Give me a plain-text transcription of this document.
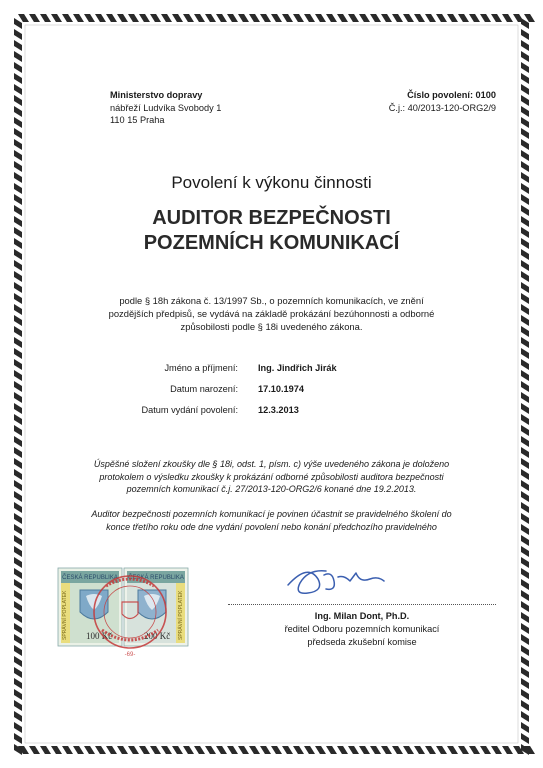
Ministerstvo dopravy
nábřeží Ludvíka Svobody 1
110 15 Praha
Číslo povolení: 0100
Č.j.: 40/2013-120-ORG2/9
Povolení k výkonu činnosti
AUDITOR BEZPEČNOSTI
POZEMNÍCH KOMUNIKACÍ
podle § 18h zákona č. 13/1997 Sb., o pozemních komunikacích, ve znění
pozdějších předpisů, se vydává na základě prokázání bezúhonnosti a odborné
způsobilosti podle § 18i uvedeného zákona.
Jméno a příjmení: Ing. Jindřich Jirák
Datum narození: 17.10.1974
Datum vydání povolení: 12.3.2013
Úspěšné složení zkoušky dle § 18i, odst. 1, písm. c) výše uvedeného zákona je doloženo
protokolem o výsledku zkoušky k prokázání odborné způsobilosti auditora bezpečnosti
pozemních komunikací č.j. 27/2013-120-ORG2/6 konané dne 19.2.2013.
Auditor bezpečnosti pozemních komunikací je povinen účastnit se pravidelného školení do
konce třetího roku ode dne vydání povolení nebo konání předchozího pravidelného
ČESKÁ REPUBLIKA
SPRÁVNÍ POPLATEK 100 Kč
ČESKÁ REPUBLIKA
SPRÁVNÍ POPLATEK
200 Kč
-69-
Ing. Milan Dont, Ph.D.
ředitel Odboru pozemních komunikací
předseda zkušební komise
